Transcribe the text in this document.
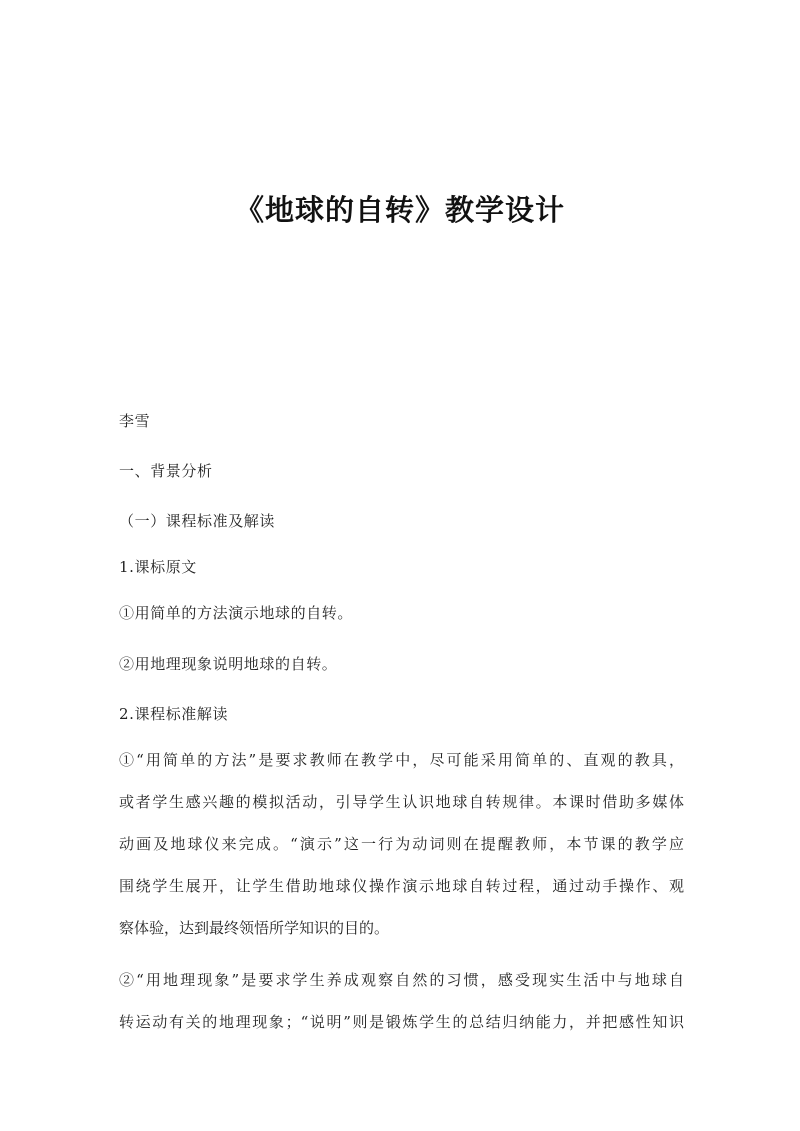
《地球的自转》教学设计

李雪

一、背景分析

（一）课程标准及解读

1.课标原文

①用简单的方法演示地球的自转。

②用地理现象说明地球的自转。

2.课程标准解读

①“用简单的方法”是要求教师在教学中，尽可能采用简单的、直观的教具，
或者学生感兴趣的模拟活动，引导学生认识地球自转规律。本课时借助多媒体
动画及地球仪来完成。“演示”这一行为动词则在提醒教师，本节课的教学应
围绕学生展开，让学生借助地球仪操作演示地球自转过程，通过动手操作、观
察体验，达到最终领悟所学知识的目的。
②“用地理现象”是要求学生养成观察自然的习惯，感受现实生活中与地球自
转运动有关的地理现象；“说明”则是锻炼学生的总结归纳能力，并把感性知识
